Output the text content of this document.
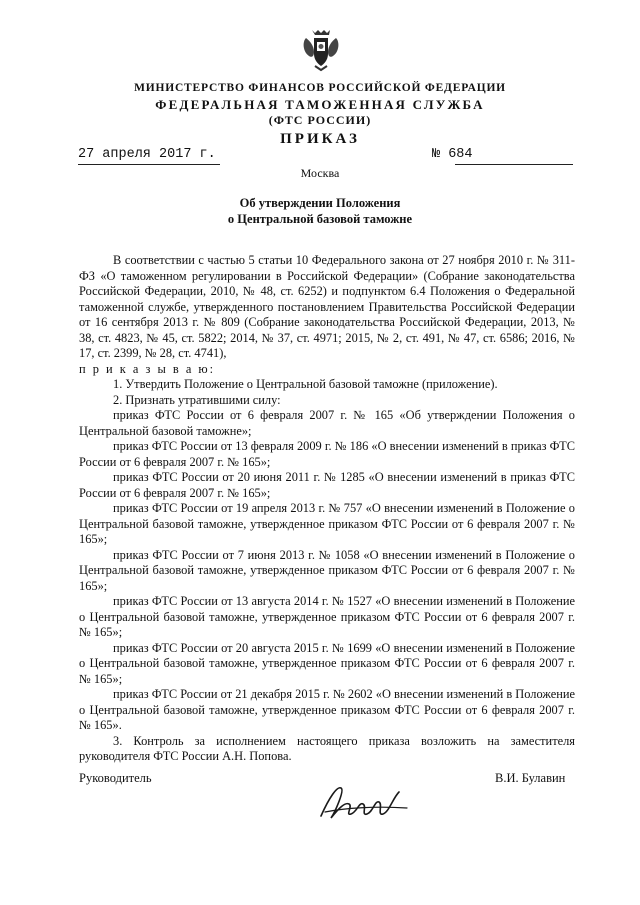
МИНИСТЕРСТВО ФИНАНСОВ РОССИЙСКОЙ ФЕДЕРАЦИИ
ФЕДЕРАЛЬНАЯ ТАМОЖЕННАЯ СЛУЖБА
(ФТС РОССИИ)
ПРИКАЗ
27 апреля 2017 г.	№ 684
Москва
Об утверждении Положения
о Центральной базовой таможне

В соответствии с частью 5 статьи 10 Федерального закона от 27 ноября 2010 г. № 311-ФЗ «О таможенном регулировании в Российской Федерации» (Собрание законодательства Российской Федерации, 2010, № 48, ст. 6252) и подпунктом 6.4 Положения о Федеральной таможенной службе, утвержденного постановлением Правительства Российской Федерации от 16 сентября 2013 г. № 809 (Собрание законодательства Российской Федерации, 2013, № 38, ст. 4823, № 45, ст. 5822; 2014, № 37, ст. 4971; 2015, № 2, ст. 491, № 47, ст. 6586; 2016, № 17, ст. 2399, № 28, ст. 4741),

п р и к а з ы в а ю:

1. Утвердить Положение о Центральной базовой таможне (приложение).

2. Признать утратившими силу:

приказ ФТС России от 6 февраля 2007 г. № 165 «Об утверждении Положения о Центральной базовой таможне»;

приказ ФТС России от 13 февраля 2009 г. № 186 «О внесении изменений в приказ ФТС России от 6 февраля 2007 г. № 165»;

приказ ФТС России от 20 июня 2011 г. № 1285 «О внесении изменений в приказ ФТС России от 6 февраля 2007 г. № 165»;

приказ ФТС России от 19 апреля 2013 г. № 757 «О внесении изменений в Положение о Центральной базовой таможне, утвержденное приказом ФТС России от 6 февраля 2007 г. № 165»;

приказ ФТС России от 7 июня 2013 г. № 1058 «О внесении изменений в Положение о Центральной базовой таможне, утвержденное приказом ФТС России от 6 февраля 2007 г. № 165»;

приказ ФТС России от 13 августа 2014 г. № 1527 «О внесении изменений в Положение о Центральной базовой таможне, утвержденное приказом ФТС России от 6 февраля 2007 г. № 165»;

приказ ФТС России от 20 августа 2015 г. № 1699 «О внесении изменений в Положение о Центральной базовой таможне, утвержденное приказом ФТС России от 6 февраля 2007 г. № 165»;

приказ ФТС России от 21 декабря 2015 г. № 2602 «О внесении изменений в Положение о Центральной базовой таможне, утвержденное приказом ФТС России от 6 февраля 2007 г. № 165».

3. Контроль за исполнением настоящего приказа возложить на заместителя руководителя ФТС России А.Н. Попова.

Руководитель	В.И. Булавин
